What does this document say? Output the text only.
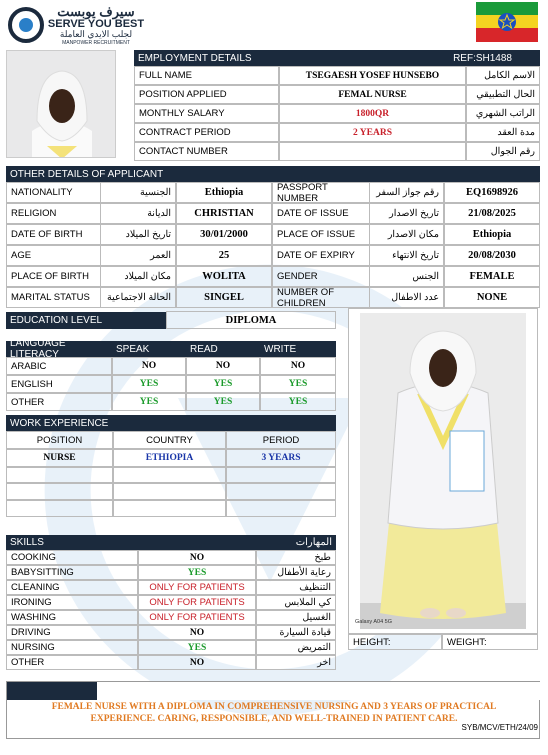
سيرف يوبست
SERVE YOU BEST
لجلب الايدي العاملة
MANPOWER RECRUITMENT
EMPLOYMENT DETAILS	REF:SH1488
FULL NAME	TSEGAESH YOSEF HUNSEBO	الاسم الكامل
POSITION APPLIED	FEMAL NURSE	الحال التطبيقي
MONTHLY SALARY	1800QR	الراتب الشهري
CONTRACT PERIOD	2 YEARS	مدة العقد
CONTACT NUMBER	رقم الجوال
OTHER DETAILS OF APPLICANT
NATIONALITY	الجنسية	Ethiopia
RELIGION	الديانة	CHRISTIAN
DATE OF BIRTH	تاريخ الميلاد	30/01/2000
AGE	العمر	25
PLACE OF BIRTH	مكان الميلاد	WOLITA
MARITAL STATUS	الحالة الاجتماعية	SINGEL
PASSPORT NUMBER	رقم جواز السفر	EQ1698926
DATE OF ISSUE	تاريخ الاصدار	21/08/2025
PLACE OF ISSUE	مكان الاصدار	Ethiopia
DATE OF EXPIRY	تاريخ الانتهاء	20/08/2030
GENDER	الجنس	FEMALE
NUMBER OF CHILDREN	عدد الاطفال	NONE
EDUCATION LEVEL	DIPLOMA
LANGUAGE LITERACY	SPEAK	READ	WRITE
ARABIC	NO	NO	NO
ENGLISH	YES	YES	YES
OTHER	YES	YES	YES
WORK EXPERIENCE
POSITION	COUNTRY	PERIOD
NURSE	ETHIOPIA	3 YEARS
SKILLS	المهارات
COOKING	NO	طبخ
BABYSITTING	YES	رعاية الأطفال
CLEANING	ONLY FOR PATIENTS	التنظيف
IRONING	ONLY FOR PATIENTS	كي الملابس
WASHING	ONLY FOR PATIENTS	الغسيل
DRIVING	NO	قيادة السيارة
NURSING	YES	التمريض
OTHER	NO	اخر
Galaxy A04 5G
HEIGHT:	WEIGHT:
FEMALE NURSE WITH A DIPLOMA IN COMPREHENSIVE NURSING AND 3 YEARS OF PRACTICAL EXPERIENCE. CARING, RESPONSIBLE, AND WELL-TRAINED IN PATIENT CARE.
SYB/MCV/ETH/24/09
